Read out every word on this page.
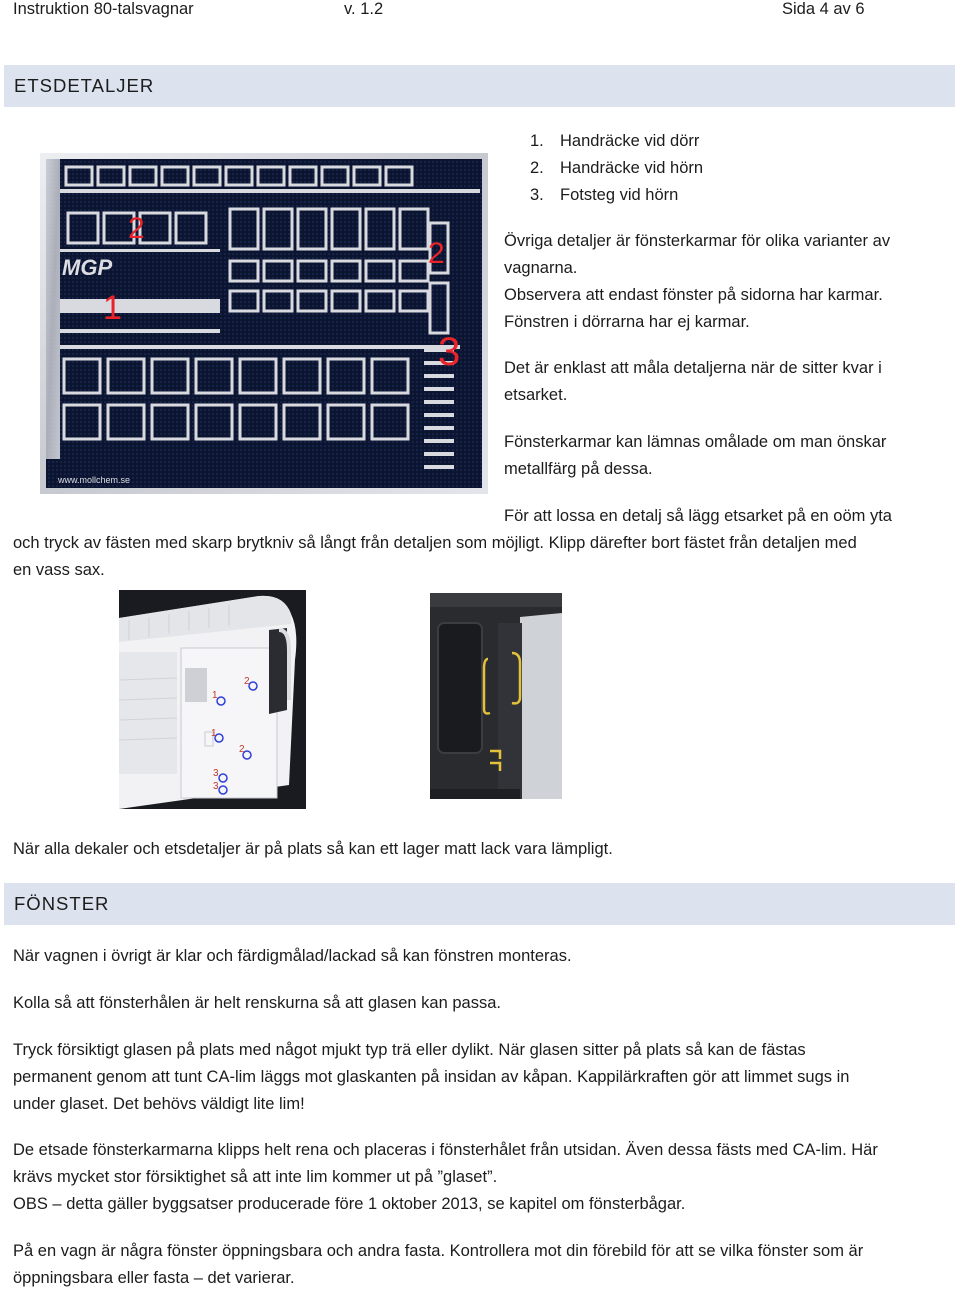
Instruktion 80-talsvagnar	v. 1.2	Sida 4 av 6
ETSDETALJER
2
1
2
3
MGP
www.mollchem.se
1. Handräcke vid dörr
2. Handräcke vid hörn
3. Fotsteg vid hörn
Övriga detaljer är fönsterkarmar för olika varianter av
vagnarna.
Observera att endast fönster på sidorna har karmar.
Fönstren i dörrarna har ej karmar.
Det är enklast att måla detaljerna när de sitter kvar i
etsarket.
Fönsterkarmar kan lämnas omålade om man önskar
metallfärg på dessa.
För att lossa en detalj så lägg etsarket på en oöm yta
och tryck av fästen med skarp brytkniv så långt från detaljen som möjligt. Klipp därefter bort fästet från detaljen med
en vass sax.
1
2
1
2
3
3
När alla dekaler och etsdetaljer är på plats så kan ett lager matt lack vara lämpligt.
FÖNSTER
När vagnen i övrigt är klar och färdigmålad/lackad så kan fönstren monteras.
Kolla så att fönsterhålen är helt renskurna så att glasen kan passa.
Tryck försiktigt glasen på plats med något mjukt typ trä eller dylikt. När glasen sitter på plats så kan de fästas
permanent genom att tunt CA-lim läggs mot glaskanten på insidan av kåpan. Kappilärkraften gör att limmet sugs in
under glaset. Det behövs väldigt lite lim!
De etsade fönsterkarmarna klipps helt rena och placeras i fönsterhålet från utsidan. Även dessa fästs med CA-lim. Här
krävs mycket stor försiktighet så att inte lim kommer ut på ”glaset”.
OBS – detta gäller byggsatser producerade före 1 oktober 2013, se kapitel om fönsterbågar.
På en vagn är några fönster öppningsbara och andra fasta. Kontrollera mot din förebild för att se vilka fönster som är
öppningsbara eller fasta – det varierar.
